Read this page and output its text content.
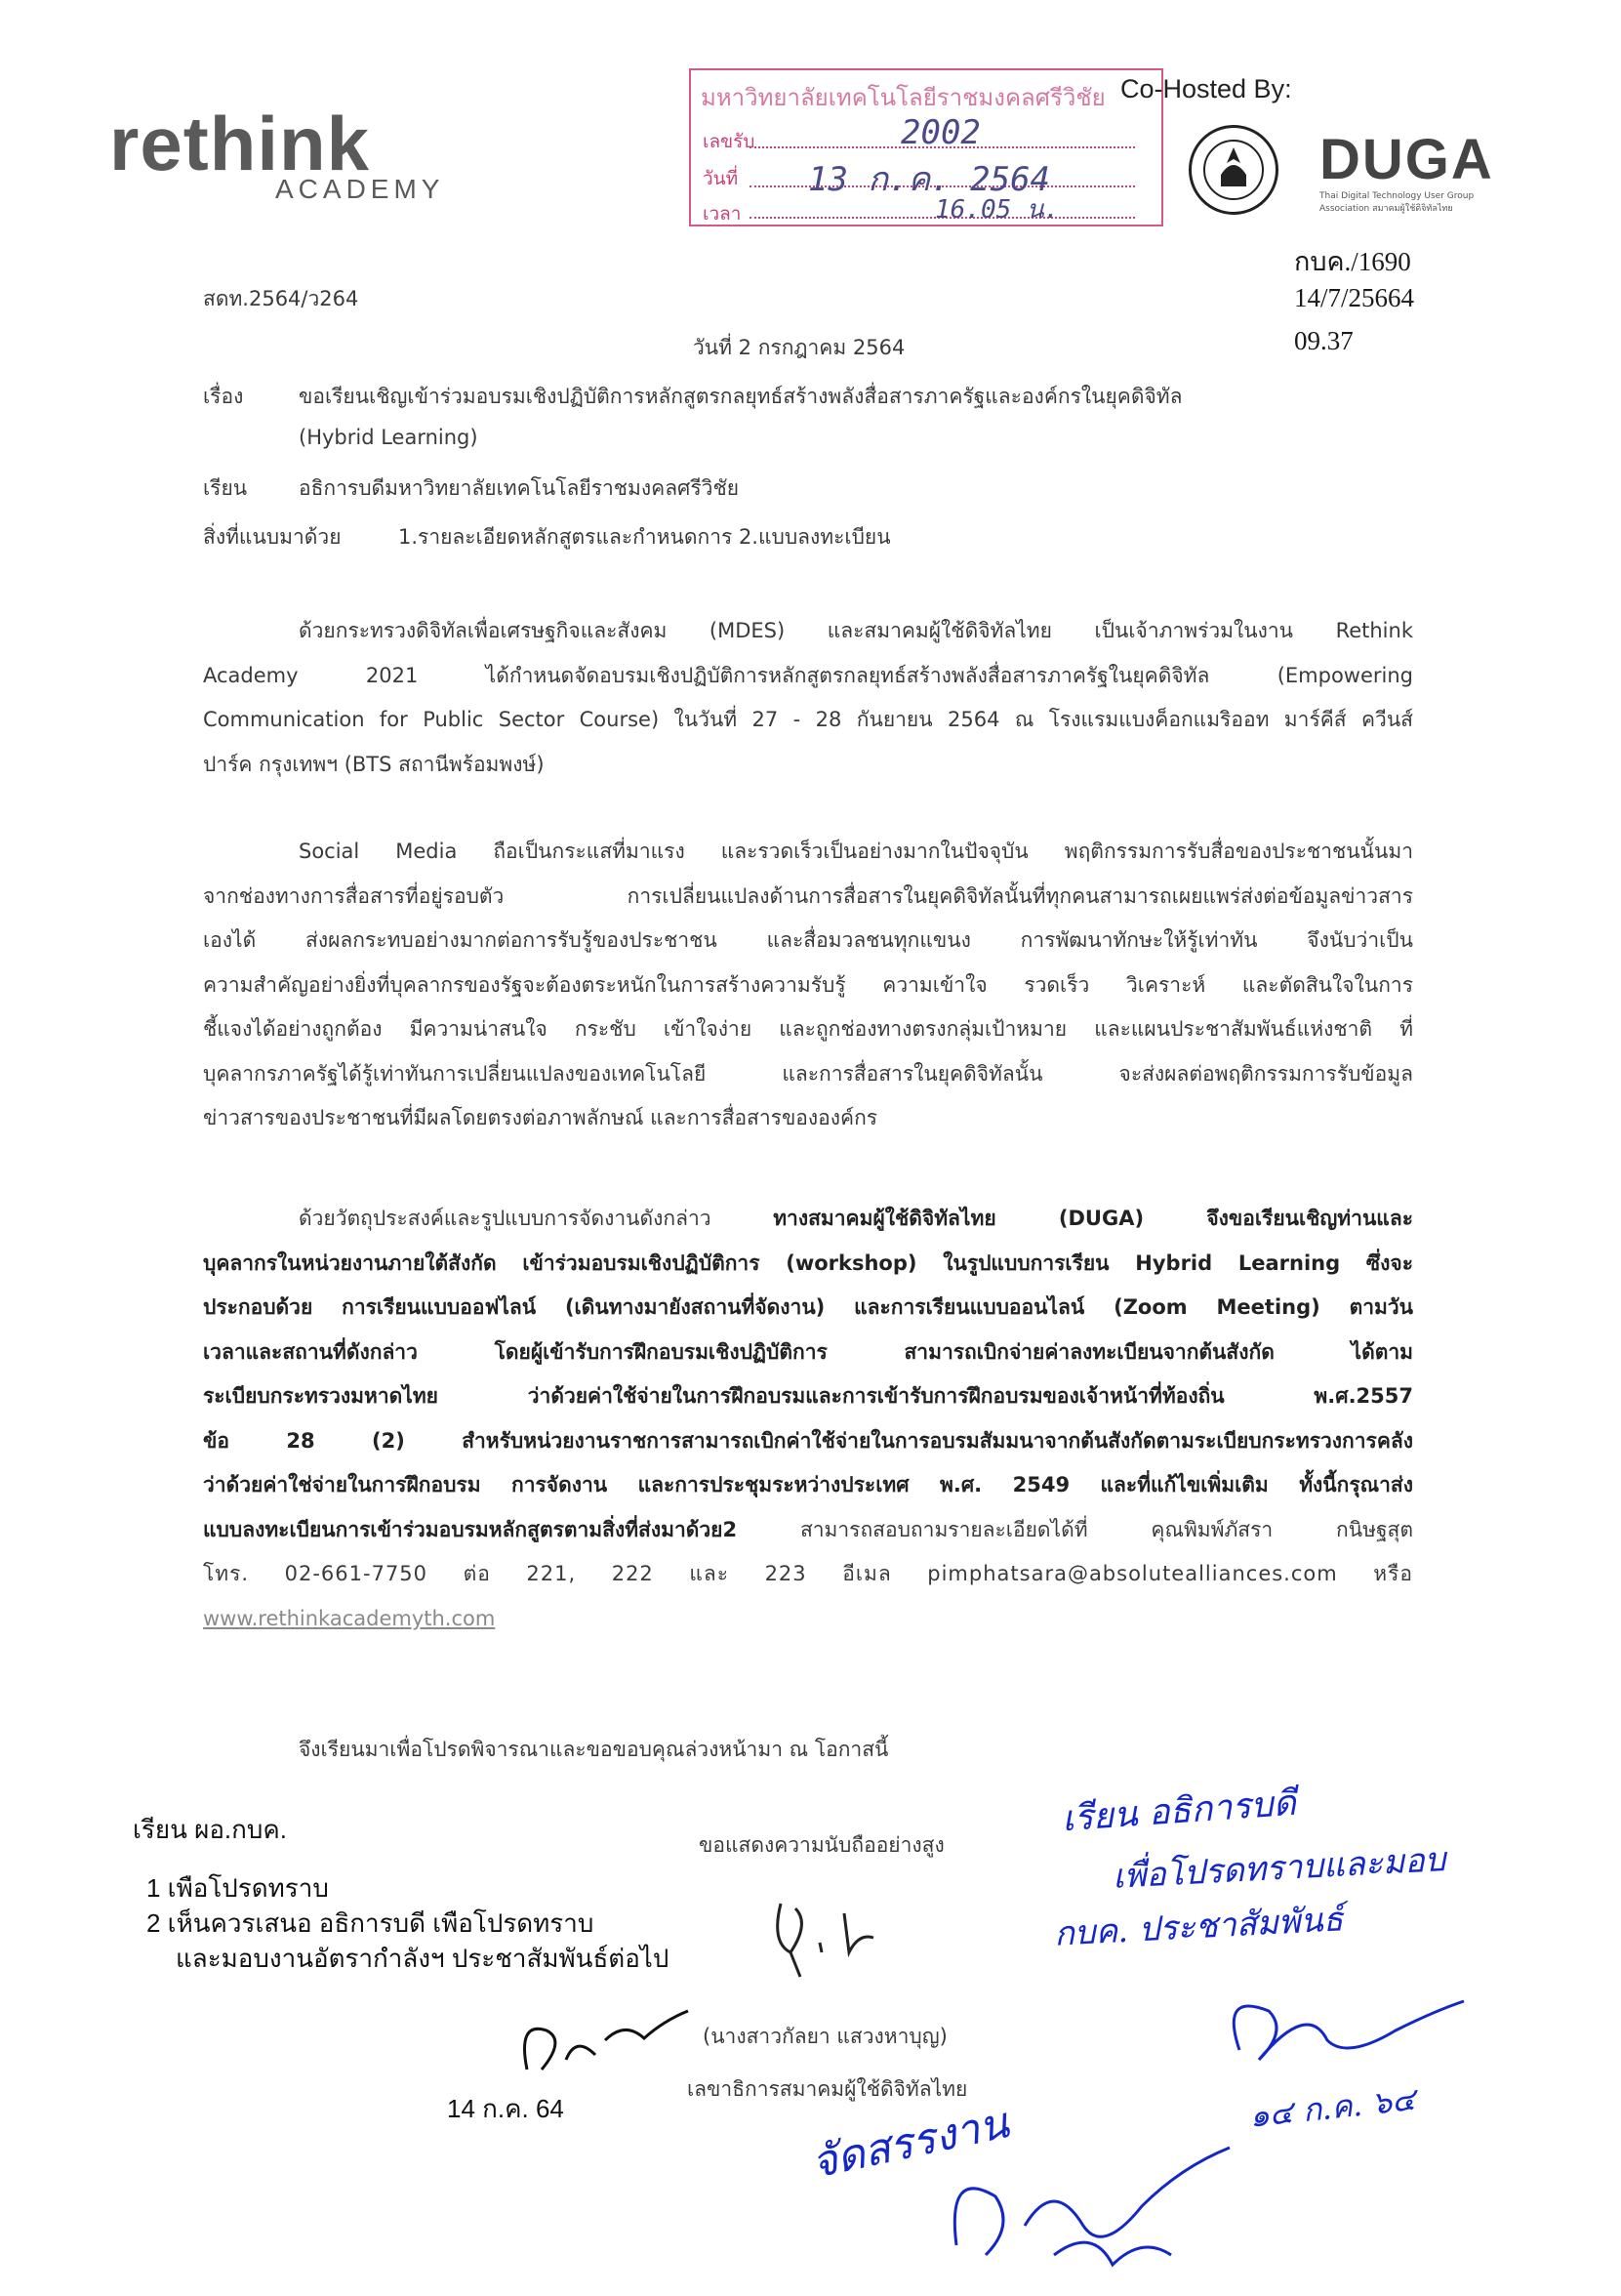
rethink
ACADEMY
มหาวิทยาลัยเทคโนโลยีราชมงคลศรีวิชัย
เลขรับ	2002
วันที่ 13 ก.ค. 2564
เวลา	16.05 น.
Co-Hosted By:
DUGA
Thai Digital Technology User Group Association สมาคมผู้ใช้ดิจิทัลไทย
กบค./1690
14/7/25664
09.37
สดท.2564/ว264
วันที่ 2 กรกฎาคม 2564
เรื่อง	ขอเรียนเชิญเข้าร่วมอบรมเชิงปฏิบัติการหลักสูตรกลยุทธ์สร้างพลังสื่อสารภาครัฐและองค์กรในยุคดิจิทัล
(Hybrid Learning)
เรียน	อธิการบดีมหาวิทยาลัยเทคโนโลยีราชมงคลศรีวิชัย
สิ่งที่แนบมาด้วย	1.รายละเอียดหลักสูตรและกำหนดการ 2.แบบลงทะเบียน
ด้วยกระทรวงดิจิทัลเพื่อเศรษฐกิจและสังคม (MDES) และสมาคมผู้ใช้ดิจิทัลไทย เป็นเจ้าภาพร่วมในงาน Rethink
Academy 2021 ได้กำหนดจัดอบรมเชิงปฏิบัติการหลักสูตรกลยุทธ์สร้างพลังสื่อสารภาครัฐในยุคดิจิทัล (Empowering
Communication for Public Sector Course) ในวันที่ 27 - 28 กันยายน 2564 ณ โรงแรมแบงค็อกแมริออท มาร์คีส์ ควีนส์
ปาร์ค กรุงเทพฯ (BTS สถานีพร้อมพงษ์)
Social Media ถือเป็นกระแสที่มาแรง และรวดเร็วเป็นอย่างมากในปัจจุบัน พฤติกรรมการรับสื่อของประชาชนนั้นมา
จากช่องทางการสื่อสารที่อยู่รอบตัว การเปลี่ยนแปลงด้านการสื่อสารในยุคดิจิทัลนั้นที่ทุกคนสามารถเผยแพร่ส่งต่อข้อมูลข่าวสาร
เองได้ ส่งผลกระทบอย่างมากต่อการรับรู้ของประชาชน และสื่อมวลชนทุกแขนง การพัฒนาทักษะให้รู้เท่าทัน จึงนับว่าเป็น
ความสำคัญอย่างยิ่งที่บุคลากรของรัฐจะต้องตระหนักในการสร้างความรับรู้ ความเข้าใจ รวดเร็ว วิเคราะห์ และตัดสินใจในการ
ชี้แจงได้อย่างถูกต้อง มีความน่าสนใจ กระชับ เข้าใจง่าย และถูกช่องทางตรงกลุ่มเป้าหมาย และแผนประชาสัมพันธ์แห่งชาติ ที่
บุคลากรภาครัฐได้รู้เท่าทันการเปลี่ยนแปลงของเทคโนโลยี และการสื่อสารในยุคดิจิทัลนั้น จะส่งผลต่อพฤติกรรมการรับข้อมูล
ข่าวสารของประชาชนที่มีผลโดยตรงต่อภาพลักษณ์ และการสื่อสารขององค์กร
ด้วยวัตถุประสงค์และรูปแบบการจัดงานดังกล่าว	ทางสมาคมผู้ใช้ดิจิทัลไทย (DUGA) จึงขอเรียนเชิญท่านและ
บุคลากรในหน่วยงานภายใต้สังกัด เข้าร่วมอบรมเชิงปฏิบัติการ (workshop) ในรูปแบบการเรียน Hybrid Learning ซึ่งจะ
ประกอบด้วย การเรียนแบบออฟไลน์ (เดินทางมายังสถานที่จัดงาน) และการเรียนแบบออนไลน์ (Zoom Meeting) ตามวัน
เวลาและสถานที่ดังกล่าว โดยผู้เข้ารับการฝึกอบรมเชิงปฏิบัติการ สามารถเบิกจ่ายค่าลงทะเบียนจากต้นสังกัด ได้ตาม
ระเบียบกระทรวงมหาดไทย ว่าด้วยค่าใช้จ่ายในการฝึกอบรมและการเข้ารับการฝึกอบรมของเจ้าหน้าที่ท้องถิ่น พ.ศ.2557
ข้อ 28 (2) สำหรับหน่วยงานราชการสามารถเบิกค่าใช้จ่ายในการอบรมสัมมนาจากต้นสังกัดตามระเบียบกระทรวงการคลัง
ว่าด้วยค่าใช่จ่ายในการฝึกอบรม การจัดงาน และการประชุมระหว่างประเทศ พ.ศ. 2549 และที่แก้ไขเพิ่มเติม ทั้งนี้กรุณาส่ง
แบบลงทะเบียนการเข้าร่วมอบรมหลักสูตรตามสิ่งที่ส่งมาด้วย2	สามารถสอบถามรายละเอียดได้ที่ คุณพิมพ์ภัสรา กนิษฐสุต
โทร. 02-661-7750 ต่อ 221, 222 และ 223 อีเมล pimphatsara@absolutealliances.com หรือ
www.rethinkacademyth.com
จึงเรียนมาเพื่อโปรดพิจารณาและขอขอบคุณล่วงหน้ามา ณ โอกาสนี้
เรียน ผอ.กบค.
1 เพือโปรดทราบ
2 เห็นควรเสนอ อธิการบดี เพือโปรดทราบ
และมอบงานอัตรากำลังฯ ประชาสัมพันธ์ต่อไป
14 ก.ค. 64
ขอแสดงความนับถืออย่างสูง
(นางสาวกัลยา แสวงหาบุญ)
เลขาธิการสมาคมผู้ใช้ดิจิทัลไทย
เรียน อธิการบดี
เพื่อโปรดทราบและมอบ
กบค. ประชาสัมพันธ์
๑๔ ก.ค. ๖๔
จัดสรรงาน
